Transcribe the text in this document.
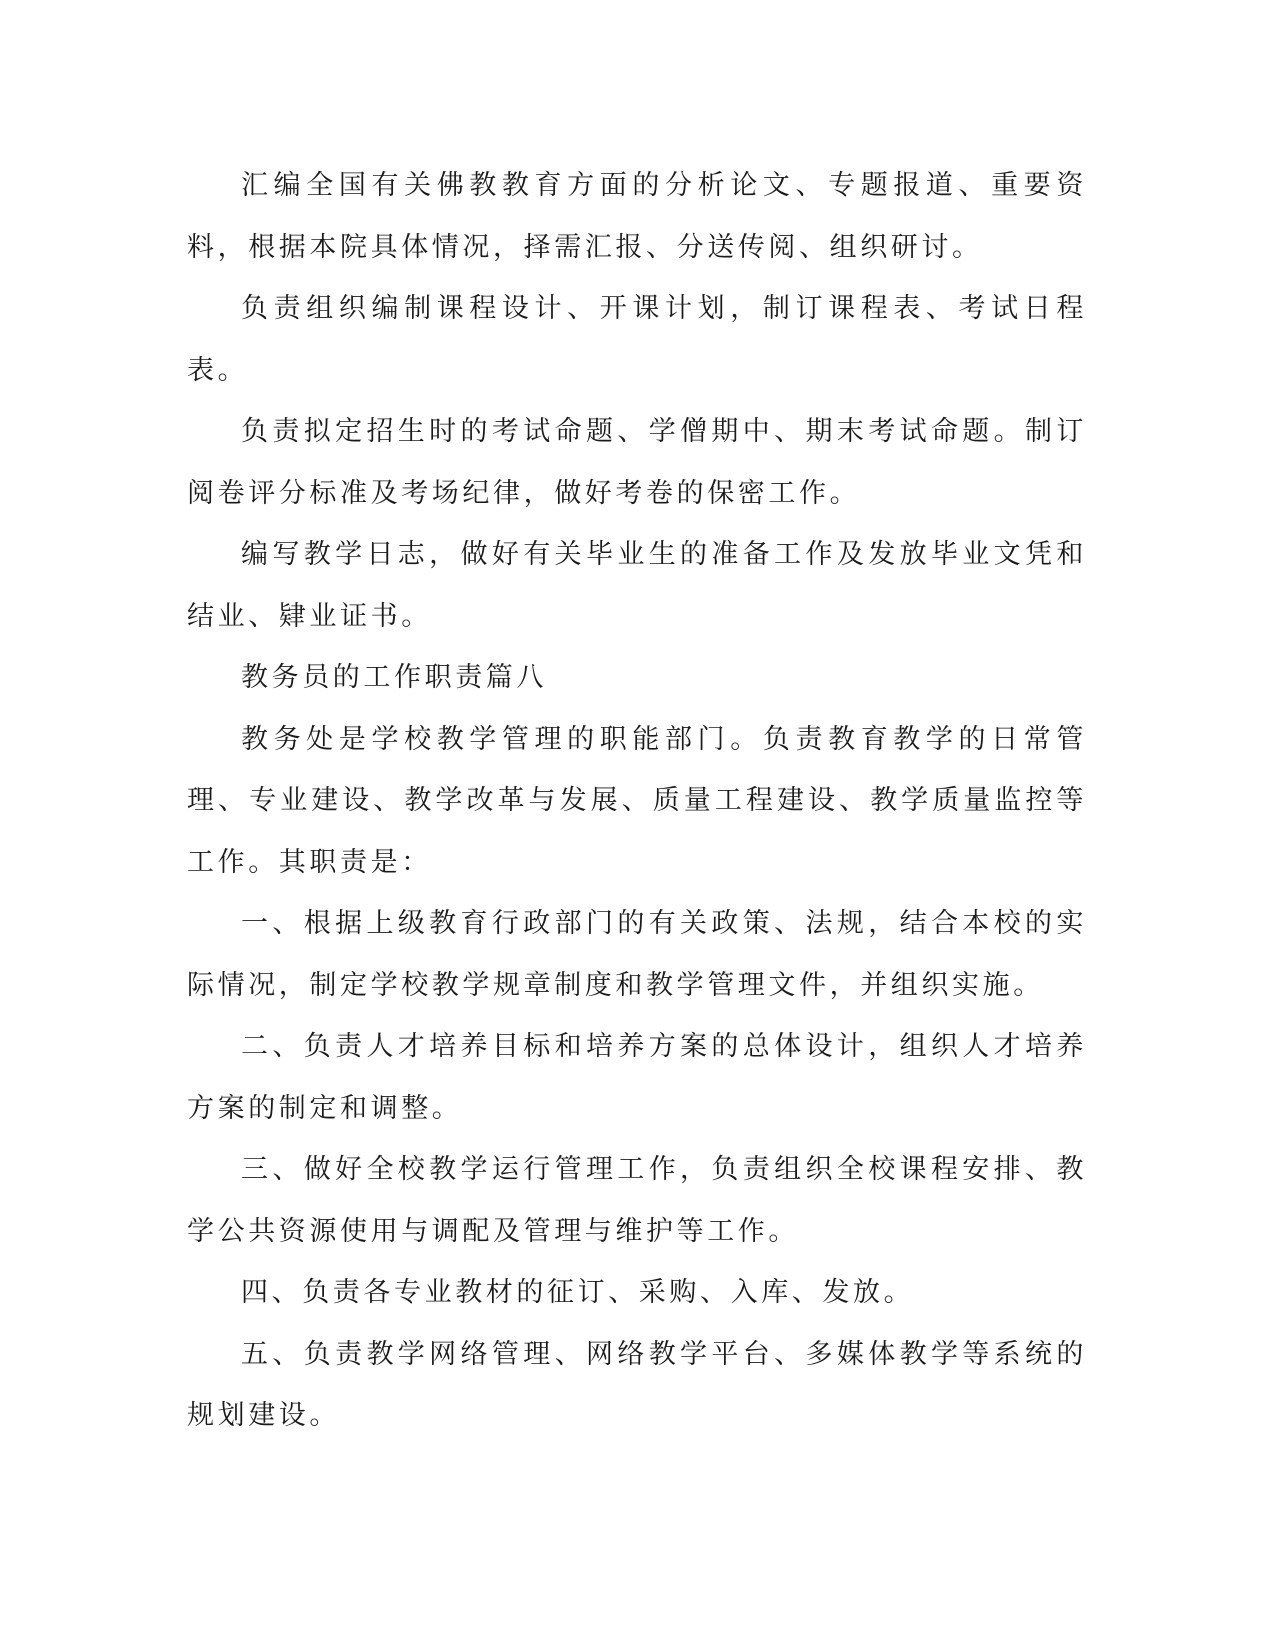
汇编全国有关佛教教育方面的分析论文、专题报道、重要资料，根据本院具体情况，择需汇报、分送传阅、组织研讨。

负责组织编制课程设计、开课计划，制订课程表、考试日程表。

负责拟定招生时的考试命题、学僧期中、期末考试命题。制订阅卷评分标准及考场纪律，做好考卷的保密工作。

编写教学日志，做好有关毕业生的准备工作及发放毕业文凭和结业、肄业证书。

教务员的工作职责篇八

教务处是学校教学管理的职能部门。负责教育教学的日常管理、专业建设、教学改革与发展、质量工程建设、教学质量监控等工作。其职责是：

一、根据上级教育行政部门的有关政策、法规，结合本校的实际情况，制定学校教学规章制度和教学管理文件，并组织实施。

二、负责人才培养目标和培养方案的总体设计，组织人才培养方案的制定和调整。

三、做好全校教学运行管理工作，负责组织全校课程安排、教学公共资源使用与调配及管理与维护等工作。

四、负责各专业教材的征订、采购、入库、发放。

五、负责教学网络管理、网络教学平台、多媒体教学等系统的规划建设。
